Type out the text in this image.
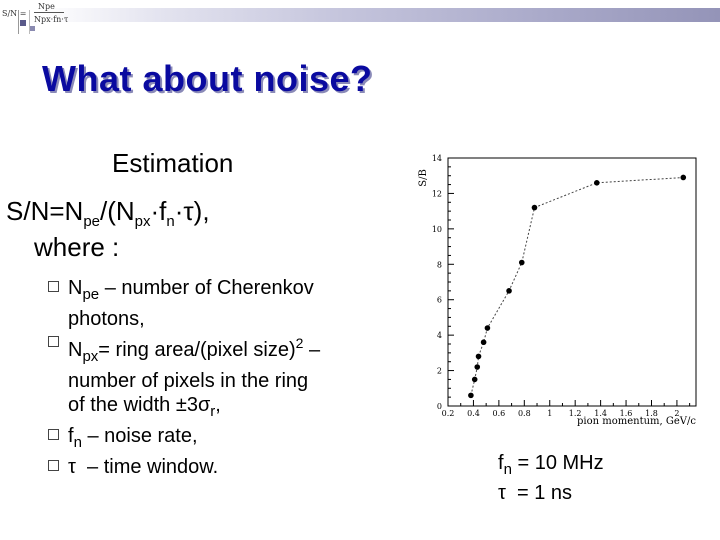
S/N =
Npe
Npx·fn·τ
What about noise?
Estimation
$S/N=N_{pe}/(N_{px}\cdot f_n\cdot\tau)$,
where :
$N_{pe}$ – number of Cherenkov
photons,
$N_{px}=$ ring area/(pixel size)$^2$ –
number of pixels in the ring
of the width $\pm 3\sigma_r$,
$f_n$ – noise rate,
τ  – time window.
0
2
4
6
8
10
12
14
0.2 0.4 0.6 0.8 1 1.2 1.4 1.6 1.8 2
S/B
pion momentum, GeV/c
$f_n = 10$ MHz
τ  = 1 ns
